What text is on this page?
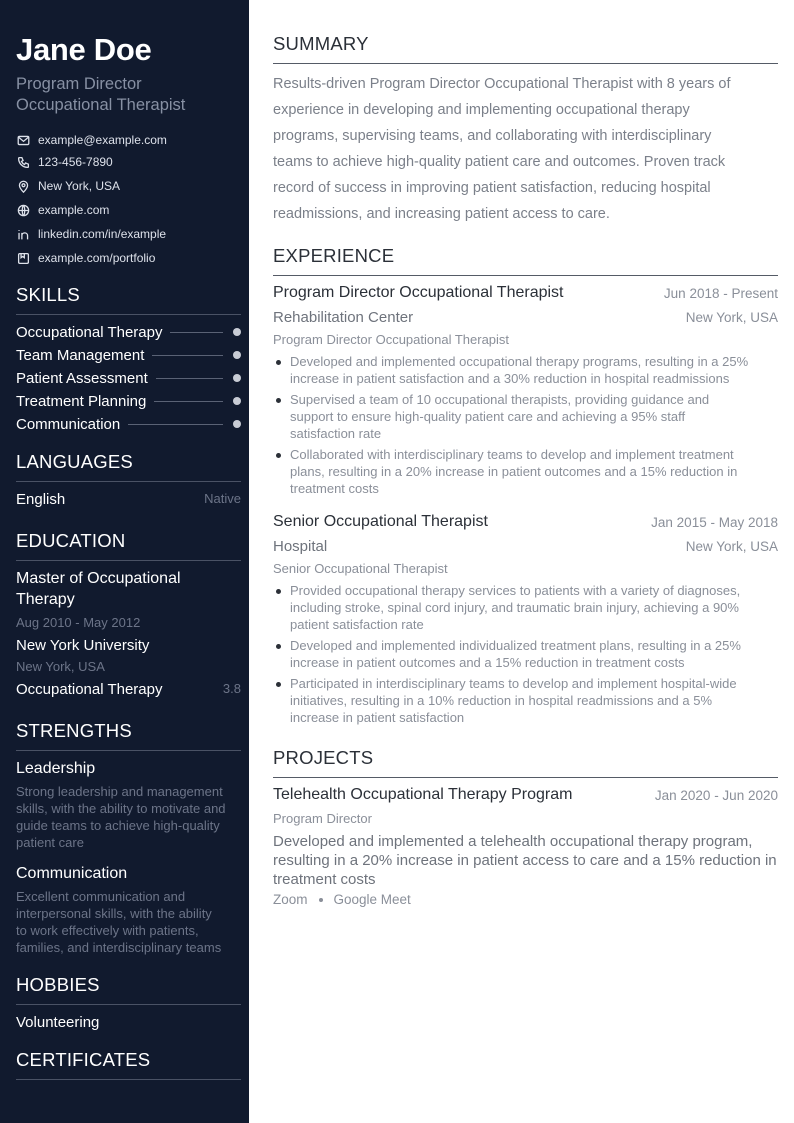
Jane Doe
Program Director
Occupational Therapist
example@example.com
123-456-7890
New York, USA
example.com
linkedin.com/in/example
example.com/portfolio
SKILLS
Occupational Therapy
Team Management
Patient Assessment
Treatment Planning
Communication
LANGUAGES
English	Native
EDUCATION
Master of Occupational
Therapy
Aug 2010 - May 2012
New York University
New York, USA
Occupational Therapy	3.8
STRENGTHS
Leadership
Strong leadership and management
skills, with the ability to motivate and
guide teams to achieve high-quality
patient care
Communication
Excellent communication and
interpersonal skills, with the ability
to work effectively with patients,
families, and interdisciplinary teams
HOBBIES
Volunteering
CERTIFICATES
SUMMARY
Results-driven Program Director Occupational Therapist with 8 years of
experience in developing and implementing occupational therapy
programs, supervising teams, and collaborating with interdisciplinary
teams to achieve high-quality patient care and outcomes. Proven track
record of success in improving patient satisfaction, reducing hospital
readmissions, and increasing patient access to care.
EXPERIENCE
Program Director Occupational Therapist	Jun 2018 - Present
Rehabilitation Center	New York, USA
Program Director Occupational Therapist
Developed and implemented occupational therapy programs, resulting in a 25%
increase in patient satisfaction and a 30% reduction in hospital readmissions
Supervised a team of 10 occupational therapists, providing guidance and
support to ensure high-quality patient care and achieving a 95% staff
satisfaction rate
Collaborated with interdisciplinary teams to develop and implement treatment
plans, resulting in a 20% increase in patient outcomes and a 15% reduction in
treatment costs
Senior Occupational Therapist	Jan 2015 - May 2018
Hospital	New York, USA
Senior Occupational Therapist
Provided occupational therapy services to patients with a variety of diagnoses,
including stroke, spinal cord injury, and traumatic brain injury, achieving a 90%
patient satisfaction rate
Developed and implemented individualized treatment plans, resulting in a 25%
increase in patient outcomes and a 15% reduction in treatment costs
Participated in interdisciplinary teams to develop and implement hospital-wide
initiatives, resulting in a 10% reduction in hospital readmissions and a 5%
increase in patient satisfaction
PROJECTS
Telehealth Occupational Therapy Program	Jan 2020 - Jun 2020
Program Director
Developed and implemented a telehealth occupational therapy program,
resulting in a 20% increase in patient access to care and a 15% reduction in
treatment costs
Zoom Google Meet
